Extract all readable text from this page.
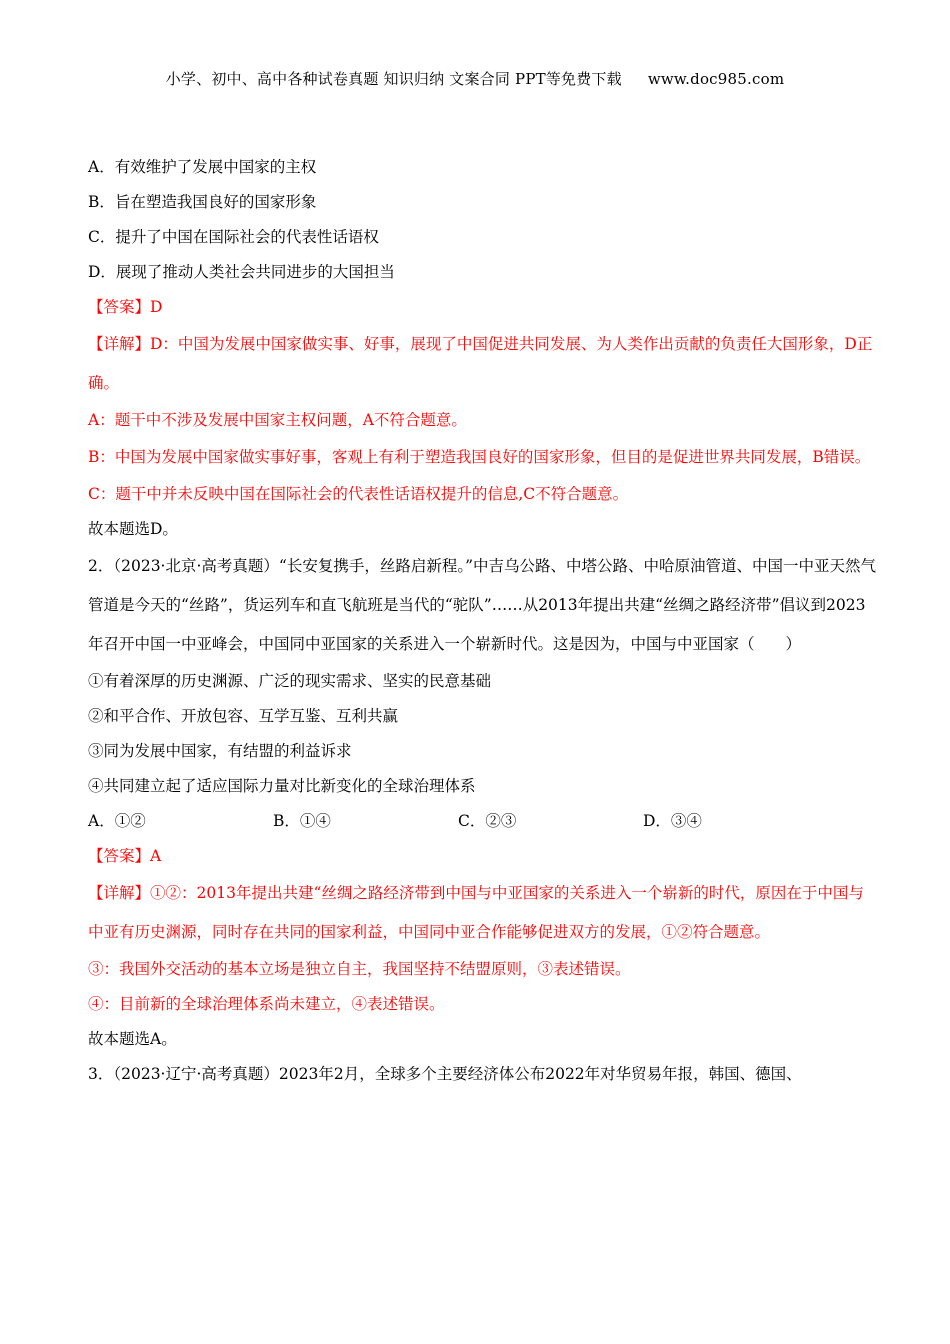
小学、初中、高中各种试卷真题 知识归纳 文案合同 PPT等免费下载 www.doc985.com
A．有效维护了发展中国家的主权
B．旨在塑造我国良好的国家形象
C．提升了中国在国际社会的代表性话语权
D．展现了推动人类社会共同进步的大国担当
【答案】D
【详解】D：中国为发展中国家做实事、好事，展现了中国促进共同发展、为人类作出贡献的负责任大国形象，D正确。
A：题干中不涉及发展中国家主权问题，A不符合题意。
B：中国为发展中国家做实事好事，客观上有利于塑造我国良好的国家形象，但目的是促进世界共同发展，B错误。
C：题干中并未反映中国在国际社会的代表性话语权提升的信息,C不符合题意。
故本题选D。
2．（2023·北京·高考真题）“长安复携手，丝路启新程。”中吉乌公路、中塔公路、中哈原油管道、中国一中亚天然气管道是今天的“丝路”，货运列车和直飞航班是当代的“驼队”……从2013年提出共建“丝绸之路经济带”倡议到2023年召开中国一中亚峰会，中国同中亚国家的关系进入一个崭新时代。这是因为，中国与中亚国家（　　）
①有着深厚的历史渊源、广泛的现实需求、坚实的民意基础
②和平合作、开放包容、互学互鉴、互利共赢
③同为发展中国家，有结盟的利益诉求
④共同建立起了适应国际力量对比新变化的全球治理体系
A．①②	B．①④	C．②③	D．③④
【答案】A
【详解】①②：2013年提出共建“丝绸之路经济带到中国与中亚国家的关系进入一个崭新的时代，原因在于中国与中亚有历史渊源，同时存在共同的国家利益，中国同中亚合作能够促进双方的发展，①②符合题意。
③：我国外交活动的基本立场是独立自主，我国坚持不结盟原则，③表述错误。
④：目前新的全球治理体系尚未建立，④表述错误。
故本题选A。
3．（2023·辽宁·高考真题）2023年2月，全球多个主要经济体公布2022年对华贸易年报，韩国、德国、
